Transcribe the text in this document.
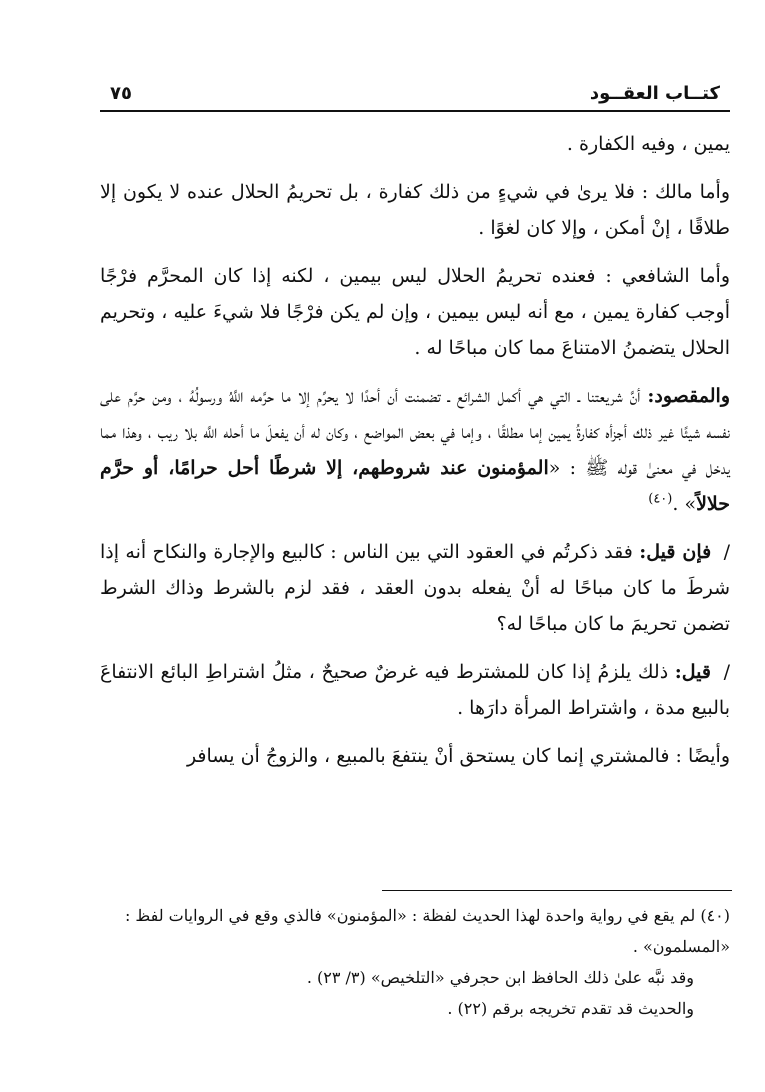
كتــاب العقــود
٧٥

يمين ، وفيه الكفارة .

وأما مالك : فلا يرىٰ في شيءٍ من ذلك كفارة ، بل تحريمُ الحلال عنده لا يكون إلا طلاقًا ، إنْ أمكن ، وإلا كان لغوًا .

وأما الشافعي : فعنده تحريمُ الحلال ليس بيمين ، لكنه إذا كان المحرَّم فرْجًا أوجب كفارة يمين ، مع أنه ليس بيمين ، وإن لم يكن فرْجًا فلا شيءَ عليه ، وتحريم الحلال يتضمنُ الامتناعَ مما كان مباحًا له .

والمقصود: أنَّ شريعتنا ـ التي هي أكمل الشرائع ـ تضمنت أن أحدًا لا يحرِّم إلا ما حرَّمه اللَّهُ ورسولُهُ ، ومن حرَّم على نفسه شيئًا غير ذلك أجزأه كفارةُ يمين إما مطلقًا ، وإما في بعض المواضع ، وكان له أن يفعلَ ما أحله اللَّه بلا ريب ، وهذا مما يدخل في معنىٰ قوله ﷺ : «المؤمنون عند شروطهم، إلا شرطًا أحل حرامًا، أو حرَّم حلالاً» .$^{(٤٠)}$

/ فإن قيل: فقد ذكرتُم في العقود التي بين الناس : كالبيع والإجارة والنكاح أنه إذا شرطَ ما كان مباحًا له أنْ يفعله بدون العقد ، فقد لزم بالشرط وذاك الشرط تضمن تحريمَ ما كان مباحًا له؟

/ قيل: ذلك يلزمُ إذا كان للمشترط فيه غرضٌ صحيحٌ ، مثلُ اشتراطِ البائع الانتفاعَ بالبيع مدة ، واشتراط المرأة دارَها .

وأيضًا : فالمشتري إنما كان يستحق أنْ ينتفعَ بالمبيع ، والزوجُ أن يسافر

(٤٠) لم يقع في رواية واحدة لهذا الحديث لفظة : «المؤمنون» فالذي وقع في الروايات لفظ : «المسلمون» .

وقد نبَّه علىٰ ذلك الحافظ ابن حجرفي «التلخيص» (٣/ ٢٣) .

والحديث قد تقدم تخريجه برقم (٢٢) .
